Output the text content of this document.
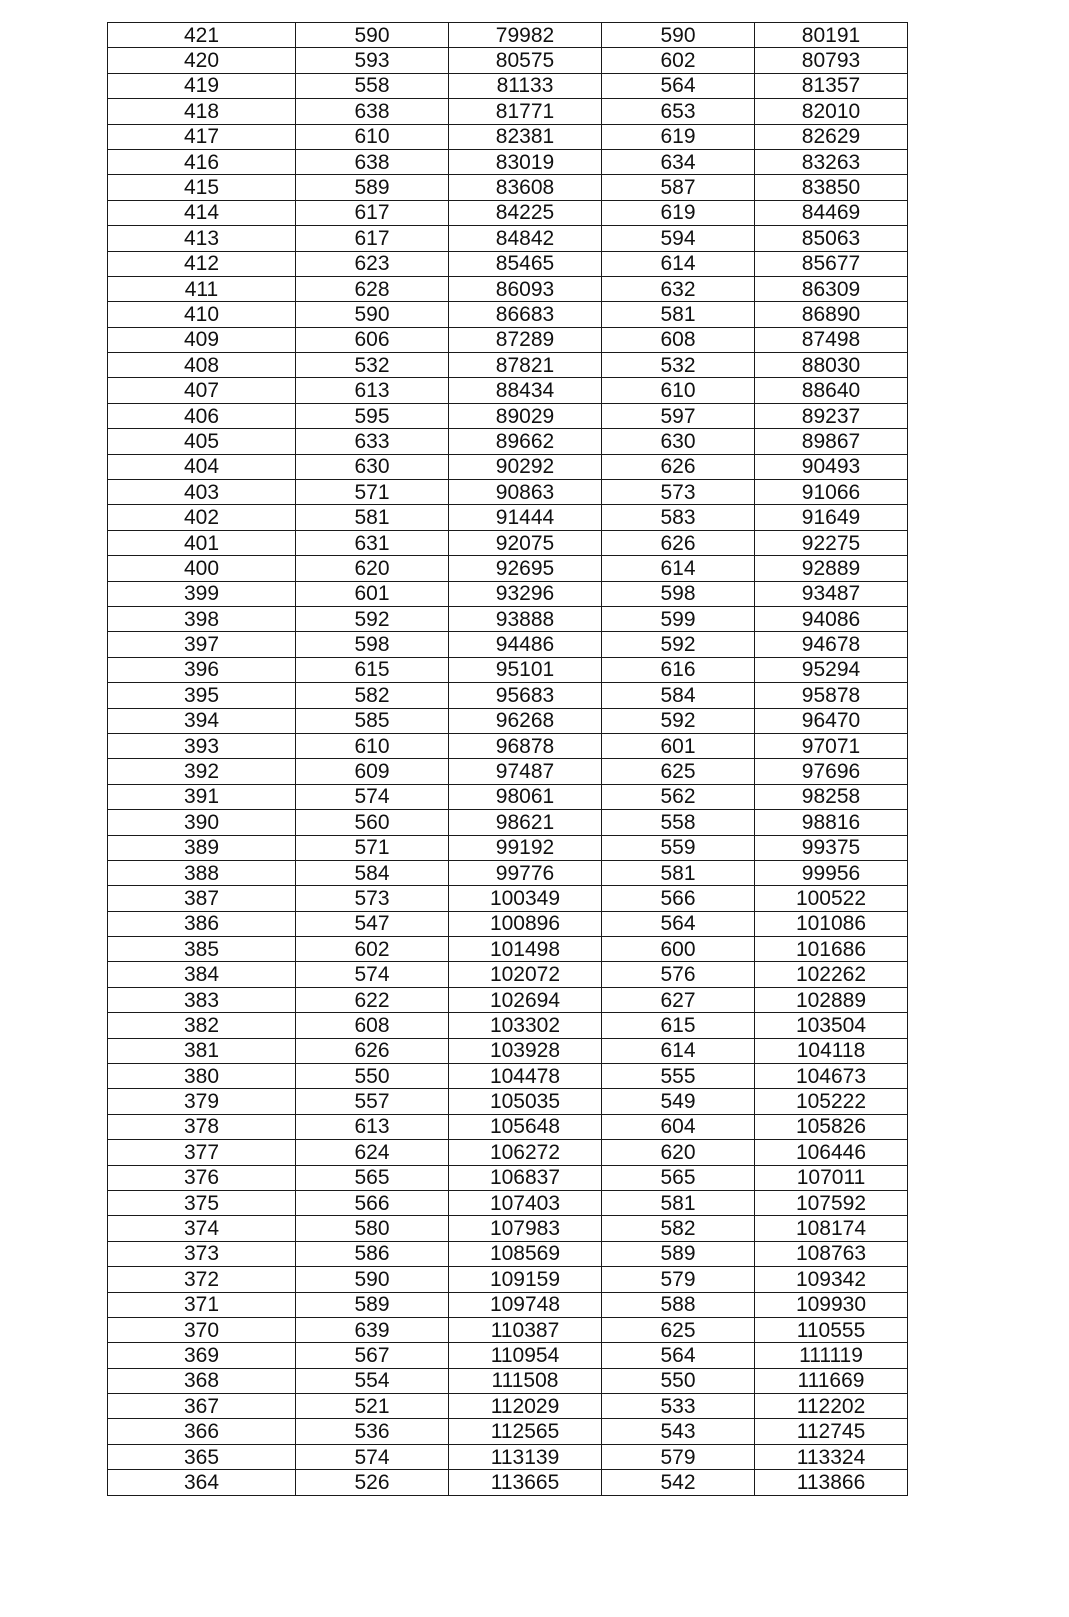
421	590	79982	590	80191
420	593	80575	602	80793
419	558	81133	564	81357
418	638	81771	653	82010
417	610	82381	619	82629
416	638	83019	634	83263
415	589	83608	587	83850
414	617	84225	619	84469
413	617	84842	594	85063
412	623	85465	614	85677
411	628	86093	632	86309
410	590	86683	581	86890
409	606	87289	608	87498
408	532	87821	532	88030
407	613	88434	610	88640
406	595	89029	597	89237
405	633	89662	630	89867
404	630	90292	626	90493
403	571	90863	573	91066
402	581	91444	583	91649
401	631	92075	626	92275
400	620	92695	614	92889
399	601	93296	598	93487
398	592	93888	599	94086
397	598	94486	592	94678
396	615	95101	616	95294
395	582	95683	584	95878
394	585	96268	592	96470
393	610	96878	601	97071
392	609	97487	625	97696
391	574	98061	562	98258
390	560	98621	558	98816
389	571	99192	559	99375
388	584	99776	581	99956
387	573	100349	566	100522
386	547	100896	564	101086
385	602	101498	600	101686
384	574	102072	576	102262
383	622	102694	627	102889
382	608	103302	615	103504
381	626	103928	614	104118
380	550	104478	555	104673
379	557	105035	549	105222
378	613	105648	604	105826
377	624	106272	620	106446
376	565	106837	565	107011
375	566	107403	581	107592
374	580	107983	582	108174
373	586	108569	589	108763
372	590	109159	579	109342
371	589	109748	588	109930
370	639	110387	625	110555
369	567	110954	564	111119
368	554	111508	550	111669
367	521	112029	533	112202
366	536	112565	543	112745
365	574	113139	579	113324
364	526	113665	542	113866
